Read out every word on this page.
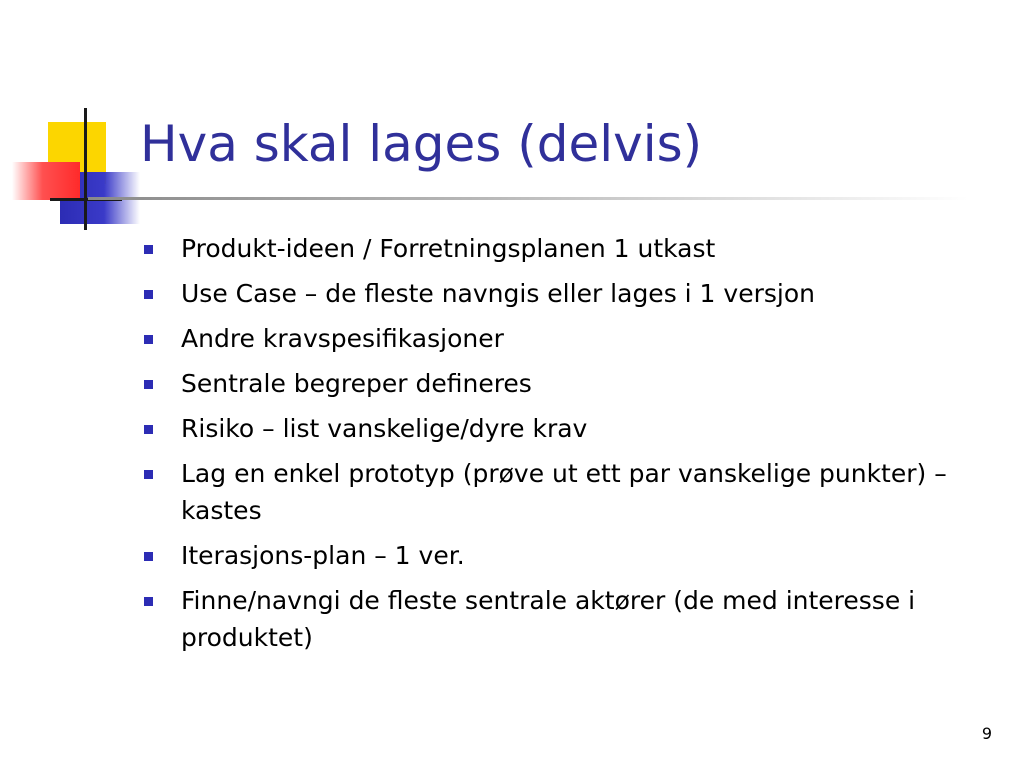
Hva skal lages (delvis)
Produkt-ideen / Forretningsplanen 1 utkast
Use Case – de fleste navngis eller lages i 1 versjon
Andre kravspesifikasjoner
Sentrale begreper defineres
Risiko – list vanskelige/dyre krav
Lag en enkel prototyp (prøve ut ett par vanskelige punkter) – kastes
Iterasjons-plan – 1 ver.
Finne/navngi de fleste sentrale aktører (de med interesse i produktet)
9
